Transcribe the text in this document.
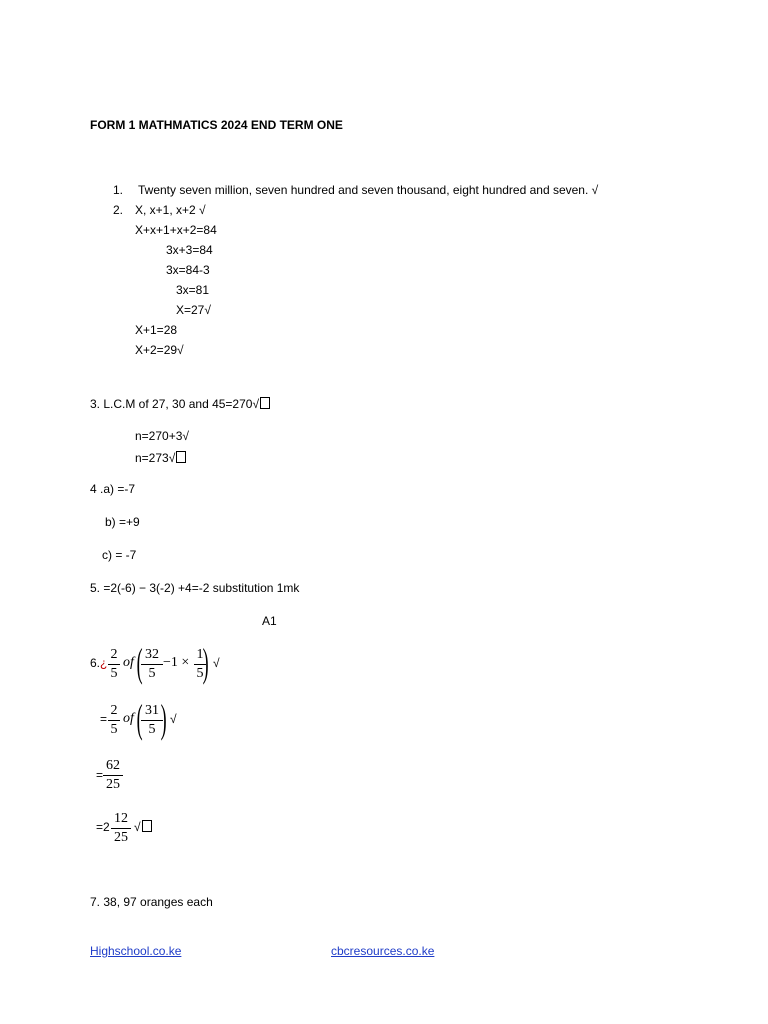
FORM 1 MATHMATICS 2024 END TERM ONE
1. Twenty seven million, seven hundred and seven thousand, eight hundred and seven. √
2. X, x+1, x+2 √
X+x+1+x+2=84
3x+3=84
3x=84-3
3x=81
X=27√
X+1=28
X+2=29√
3. L.C.M of 27, 30 and 45=270√
n=270+3√
n=273√
4 .a) =-7
b) =+9
c) = -7
5. =2(-6) − 3(-2) +4=-2 substitution 1mk
A1
6.¿
2
5
of ( 32
5
−1 ×
1
5 ) √
=
2
5
of ( 31
5 ) √
=
62
25
=2
12
25
√
7. 38, 97 oranges each
Highschool.co.ke	cbcresources.co.ke
